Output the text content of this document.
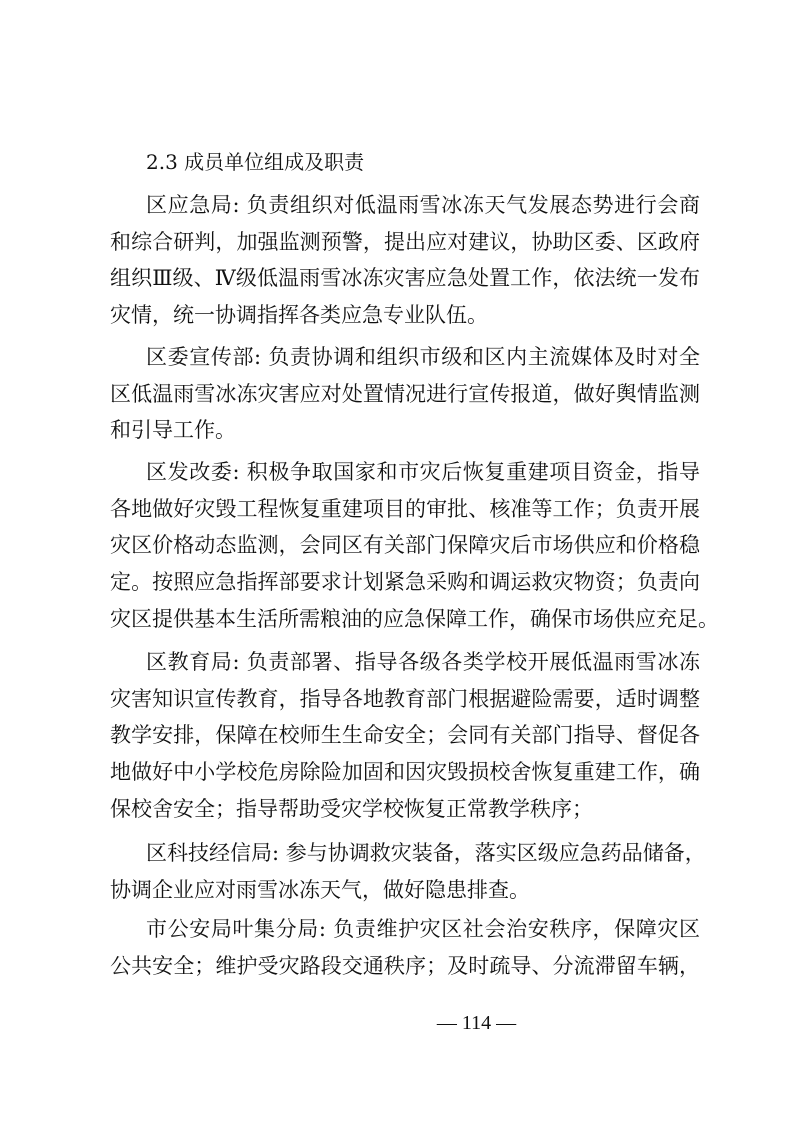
2.3 成员单位组成及职责
区应急局: 负责组织对低温雨雪冰冻天气发展态势进行会商
和综合研判，加强监测预警，提出应对建议，协助区委、区政府
组织Ⅲ级、Ⅳ级低温雨雪冰冻灾害应急处置工作，依法统一发布
灾情，统一协调指挥各类应急专业队伍。
区委宣传部: 负责协调和组织市级和区内主流媒体及时对全
区低温雨雪冰冻灾害应对处置情况进行宣传报道，做好舆情监测
和引导工作。
区发改委: 积极争取国家和市灾后恢复重建项目资金，指导
各地做好灾毁工程恢复重建项目的审批、核准等工作；负责开展
灾区价格动态监测，会同区有关部门保障灾后市场供应和价格稳
定。按照应急指挥部要求计划紧急采购和调运救灾物资；负责向
灾区提供基本生活所需粮油的应急保障工作，确保市场供应充足。
区教育局: 负责部署、指导各级各类学校开展低温雨雪冰冻
灾害知识宣传教育，指导各地教育部门根据避险需要，适时调整
教学安排，保障在校师生生命安全；会同有关部门指导、督促各
地做好中小学校危房除险加固和因灾毁损校舍恢复重建工作，确
保校舍安全；指导帮助受灾学校恢复正常教学秩序；
区科技经信局: 参与协调救灾装备，落实区级应急药品储备，
协调企业应对雨雪冰冻天气，做好隐患排查。
市公安局叶集分局: 负责维护灾区社会治安秩序，保障灾区
公共安全；维护受灾路段交通秩序；及时疏导、分流滞留车辆，
— 114 —
